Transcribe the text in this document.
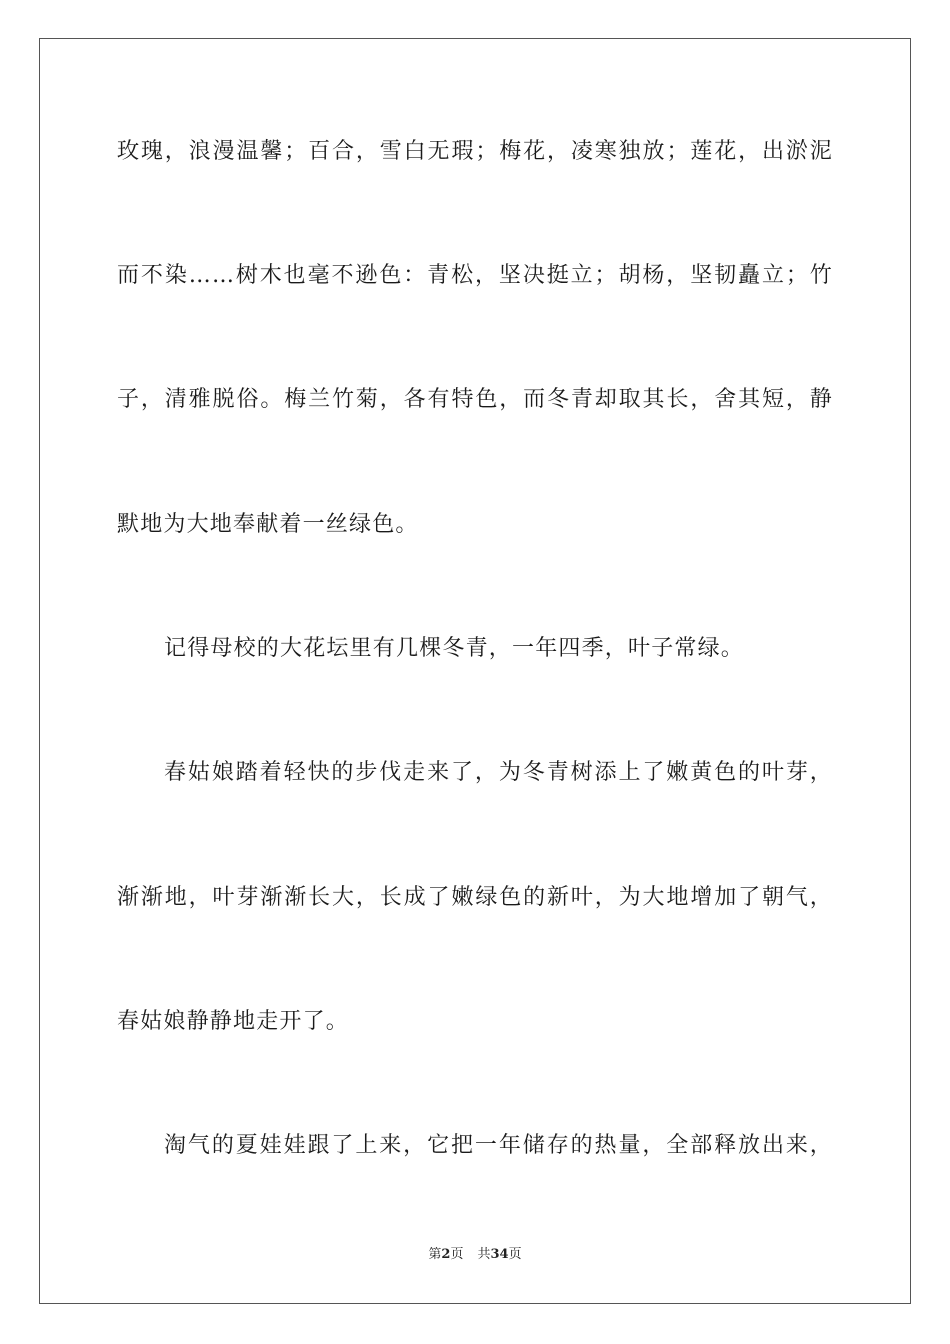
玫瑰，浪漫温馨；百合，雪白无瑕；梅花，凌寒独放；莲花，出淤泥
而不染……树木也毫不逊色：青松，坚决挺立；胡杨，坚韧矗立；竹
子，清雅脱俗。梅兰竹菊，各有特色，而冬青却取其长，舍其短，静
默地为大地奉献着一丝绿色。
记得母校的大花坛里有几棵冬青，一年四季，叶子常绿。
春姑娘踏着轻快的步伐走来了，为冬青树添上了嫩黄色的叶芽，
渐渐地，叶芽渐渐长大，长成了嫩绿色的新叶，为大地增加了朝气，
春姑娘静静地走开了。
淘气的夏娃娃跟了上来，它把一年储存的热量，全部释放出来，
第2页 共34页
